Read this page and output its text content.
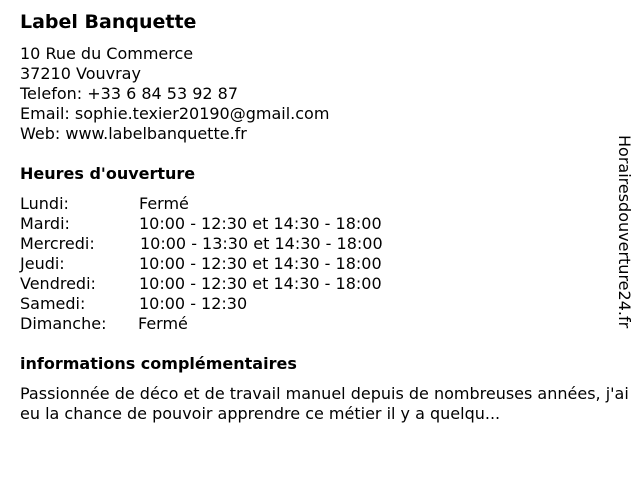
Label Banquette
10 Rue du Commerce
37210 Vouvray
Telefon: +33 6 84 53 92 87
Email: sophie.texier20190@gmail.com
Web: www.labelbanquette.fr
Heures d'ouverture
Lundi:	Fermé
Mardi:	10:00 - 12:30 et 14:30 - 18:00
Mercredi:	10:00 - 13:30 et 14:30 - 18:00
Jeudi:	10:00 - 12:30 et 14:30 - 18:00
Vendredi:	10:00 - 12:30 et 14:30 - 18:00
Samedi:	10:00 - 12:30
Dimanche: Fermé
informations complémentaires
Passionnée de déco et de travail manuel depuis de nombreuses années, j'ai eu la chance de pouvoir apprendre ce métier il y a quelqu...
Horairesdouverture24.fr
